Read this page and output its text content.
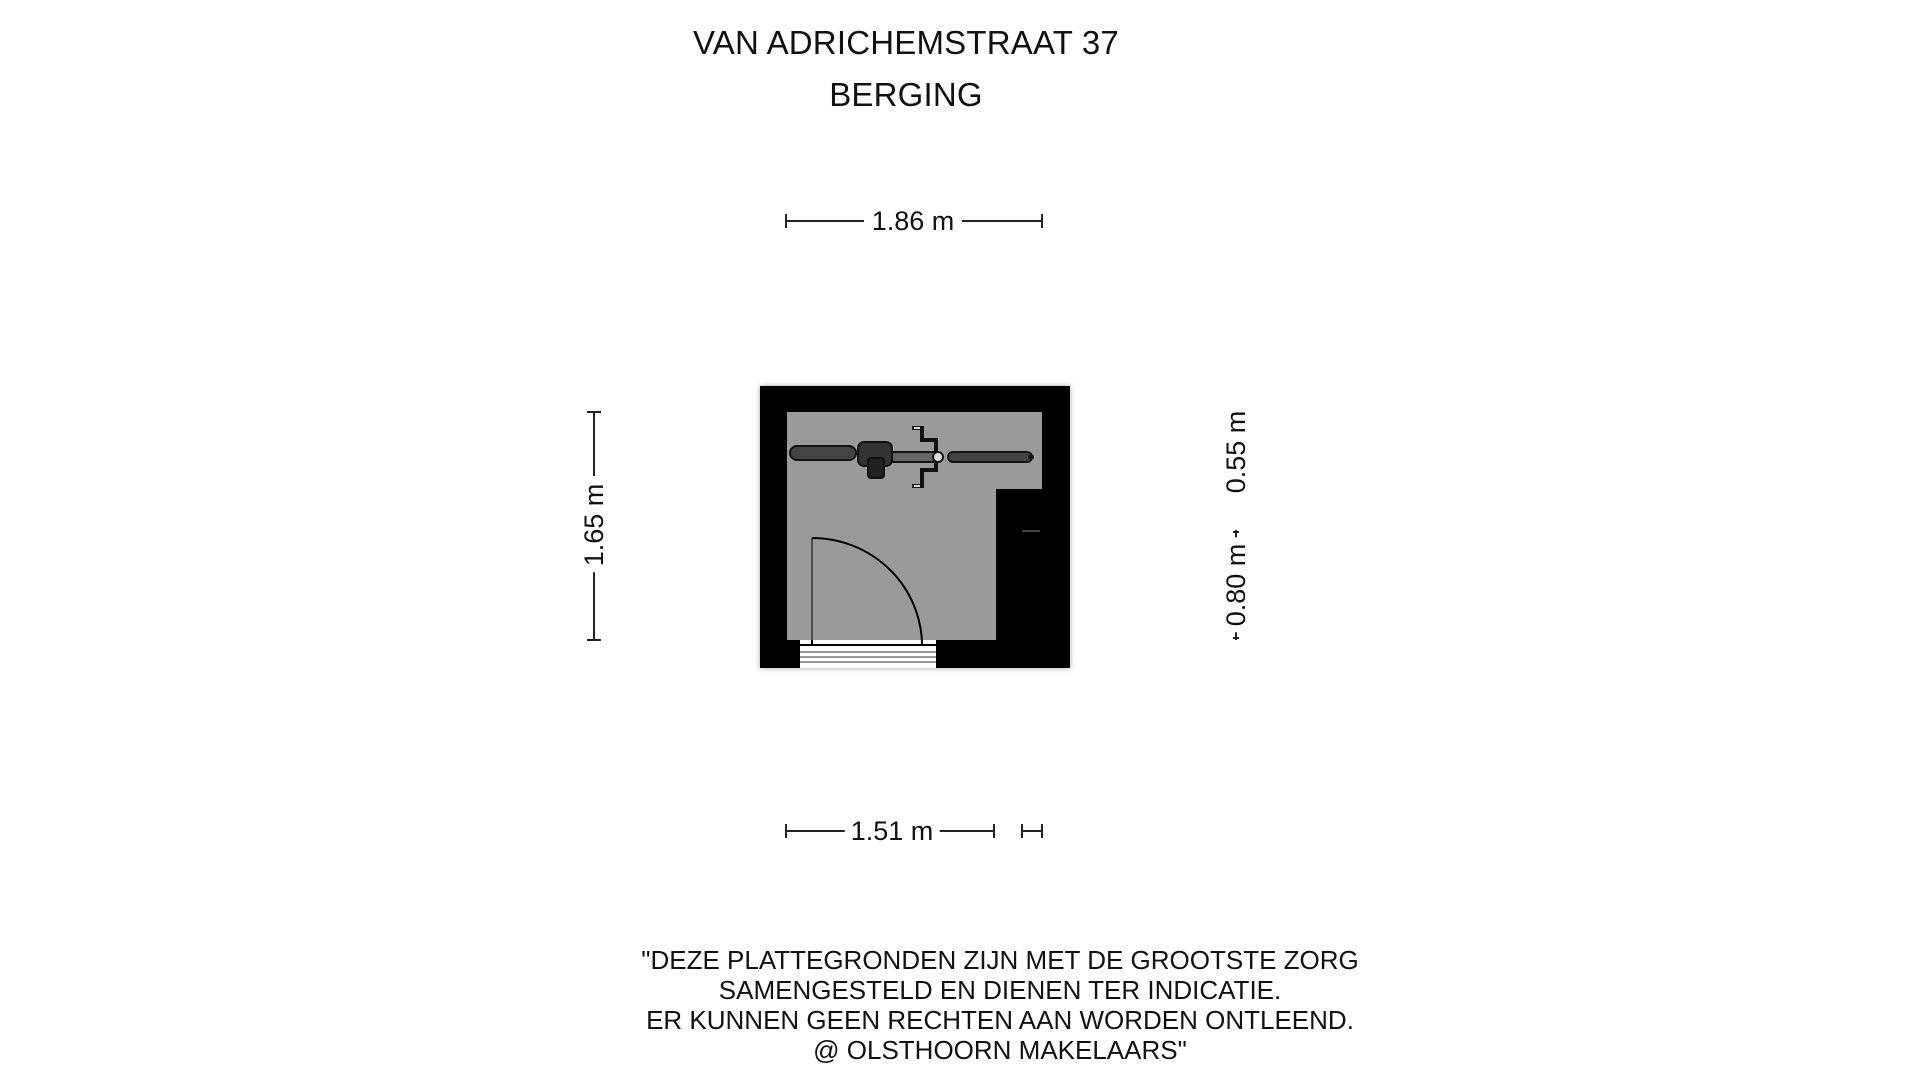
VAN ADRICHEMSTRAAT 37
BERGING
1.86 m
1.51 m
1.65 m
0.55 m
0.80 m
"DEZE PLATTEGRONDEN ZIJN MET DE GROOTSTE ZORG
SAMENGESTELD EN DIENEN TER INDICATIE.
ER KUNNEN GEEN RECHTEN AAN WORDEN ONTLEEND.
@ OLSTHOORN MAKELAARS"
